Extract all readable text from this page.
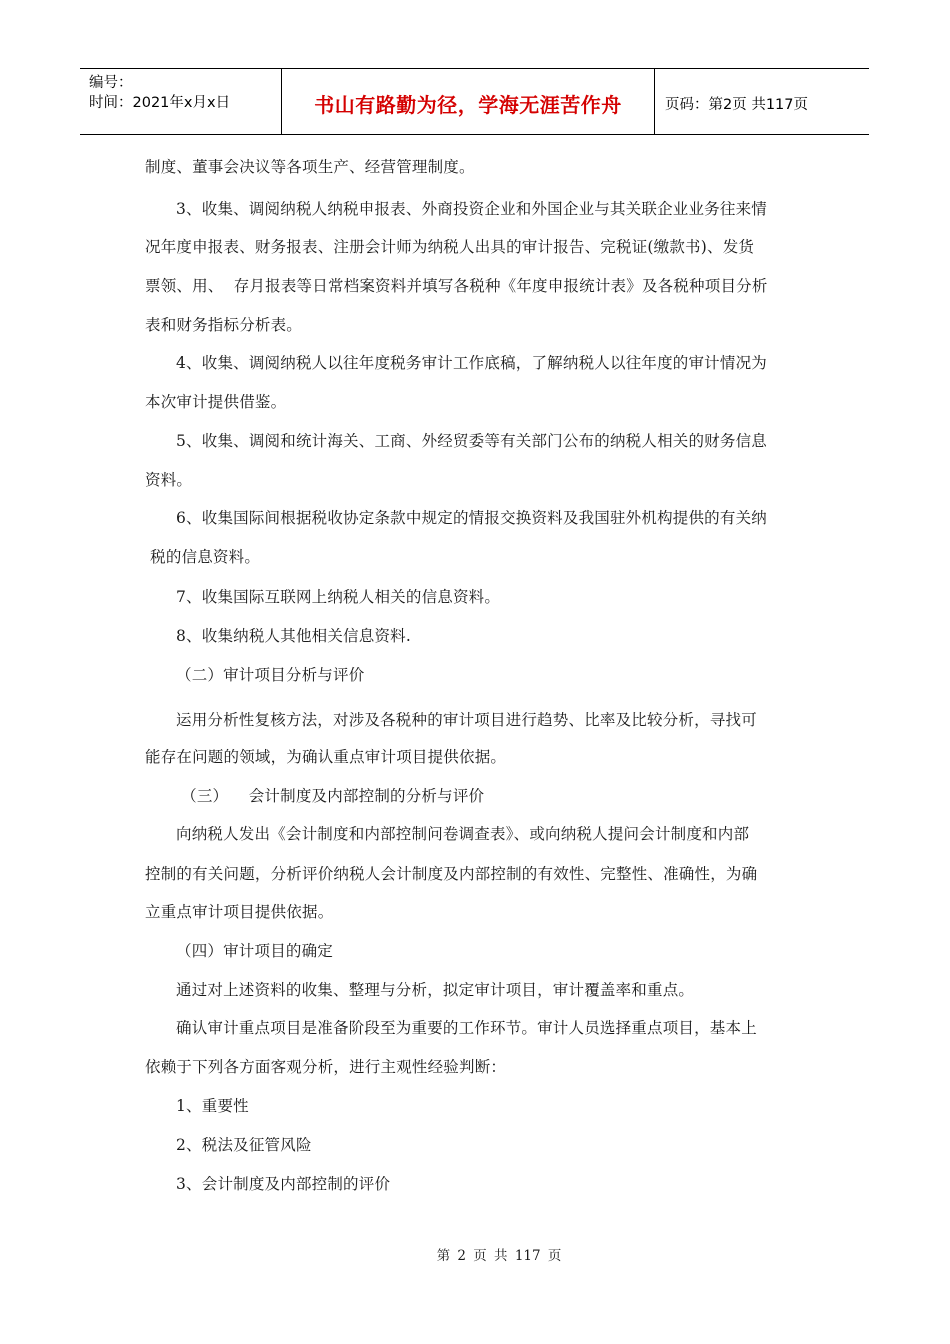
编号：
时间：2021年x月x日	书山有路勤为径，学海无涯苦作舟	页码：第2页 共117页
制度、董事会决议等各项生产、经营管理制度。
3、收集、调阅纳税人纳税申报表、外商投资企业和外国企业与其关联企业业务往来情
况年度申报表、财务报表、注册会计师为纳税人出具的审计报告、完税证(缴款书)、发货
票领、用、  存月报表等日常档案资料并填写各税种《年度申报统计表》及各税种项目分析
表和财务指标分析表。
4、收集、调阅纳税人以往年度税务审计工作底稿，了解纳税人以往年度的审计情况为
本次审计提供借鉴。
5、收集、调阅和统计海关、工商、外经贸委等有关部门公布的纳税人相关的财务信息
资料。
6、收集国际间根据税收协定条款中规定的情报交换资料及我国驻外机构提供的有关纳
税的信息资料。
7、收集国际互联网上纳税人相关的信息资料。
8、收集纳税人其他相关信息资料.
（二）审计项目分析与评价
运用分析性复核方法，对涉及各税种的审计项目进行趋势、比率及比较分析，寻找可
能存在问题的领域，为确认重点审计项目提供依据。
（三）    会计制度及内部控制的分析与评价
向纳税人发出《会计制度和内部控制问卷调查表》、或向纳税人提问会计制度和内部
控制的有关问题，分析评价纳税人会计制度及内部控制的有效性、完整性、准确性，为确
立重点审计项目提供依据。
（四）审计项目的确定
通过对上述资料的收集、整理与分析，拟定审计项目，审计覆盖率和重点。
确认审计重点项目是准备阶段至为重要的工作环节。审计人员选择重点项目，基本上
依赖于下列各方面客观分析，进行主观性经验判断：
1、重要性
2、税法及征管风险
3、会计制度及内部控制的评价
第 2 页 共 117 页
